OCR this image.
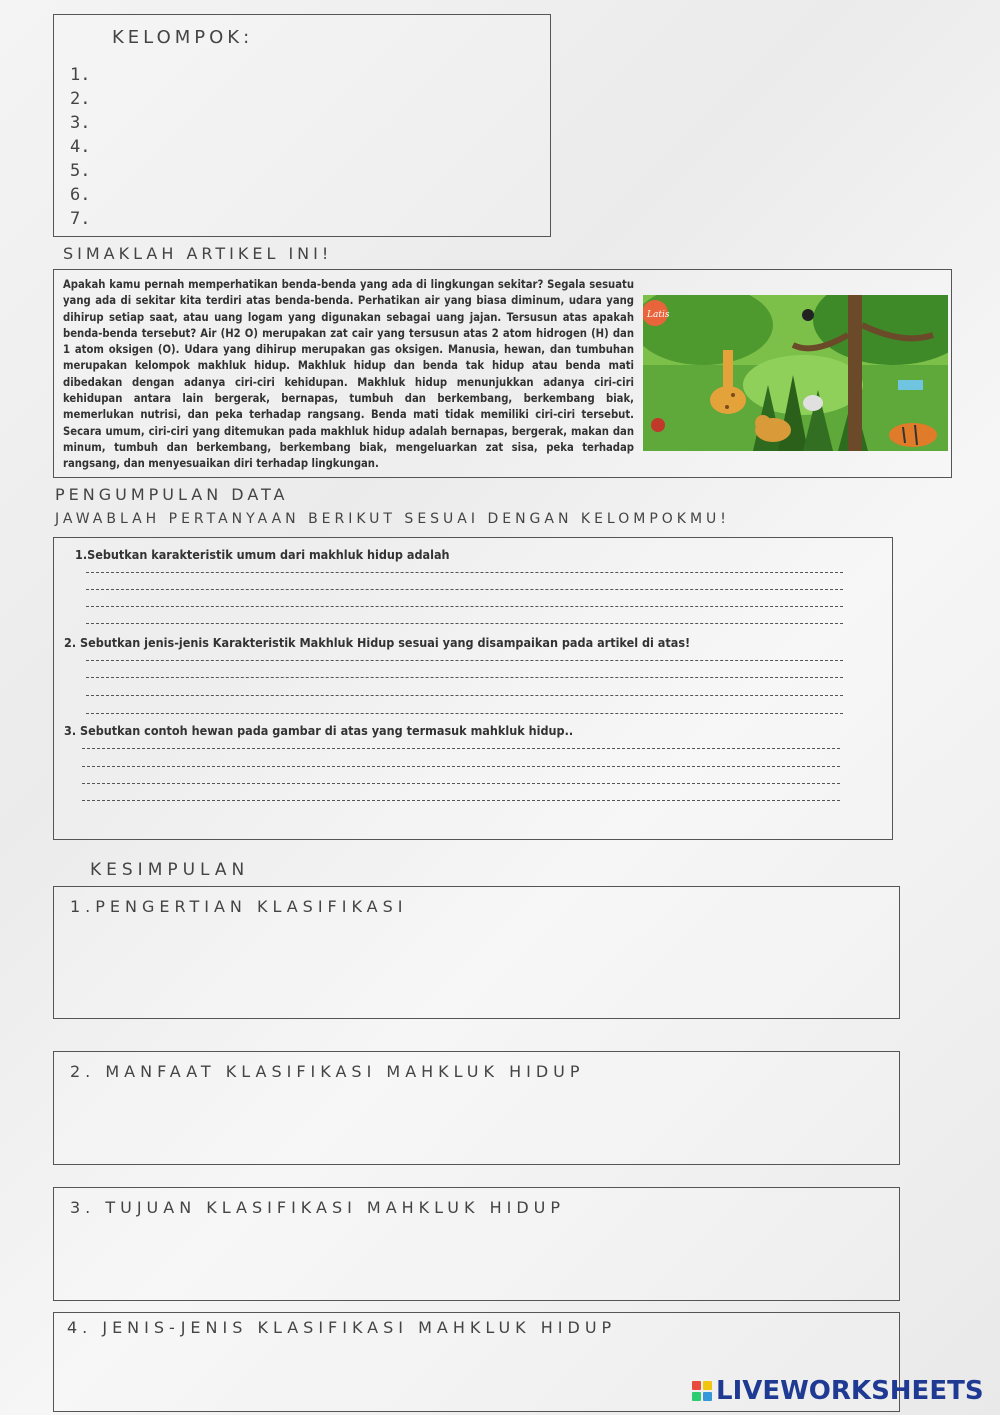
KELOMPOK:
1.
2.
3.
4.
5.
6.
7.
SIMAKLAH ARTIKEL INI!
Apakah kamu pernah memperhatikan benda-benda yang ada di lingkungan sekitar? Segala sesuatu yang ada di sekitar kita terdiri atas benda-benda. Perhatikan air yang biasa diminum, udara yang dihirup setiap saat, atau uang logam yang digunakan sebagai uang jajan. Tersusun atas apakah benda-benda tersebut? Air (H2 O) merupakan zat cair yang tersusun atas 2 atom hidrogen (H) dan 1 atom oksigen (O). Udara yang dihirup merupakan gas oksigen. Manusia, hewan, dan tumbuhan merupakan kelompok makhluk hidup. Makhluk hidup dan benda tak hidup atau benda mati dibedakan dengan adanya ciri-ciri kehidupan. Makhluk hidup menunjukkan adanya ciri-ciri kehidupan antara lain bergerak, bernapas, tumbuh dan berkembang, berkembang biak, memerlukan nutrisi, dan peka terhadap rangsang. Benda mati tidak memiliki ciri-ciri tersebut. Secara umum, ciri-ciri yang ditemukan pada makhluk hidup adalah bernapas, bergerak, makan dan minum, tumbuh dan berkembang, berkembang biak, mengeluarkan zat sisa, peka terhadap rangsang, dan menyesuaikan diri terhadap lingkungan.
Latis
PENGUMPULAN DATA
JAWABLAH PERTANYAAN BERIKUT SESUAI DENGAN KELOMPOKMU!
1.Sebutkan karakteristik umum dari makhluk hidup adalah
2. Sebutkan jenis-jenis Karakteristik Makhluk Hidup sesuai yang disampaikan pada artikel di atas!
3. Sebutkan contoh hewan pada gambar di atas yang termasuk mahkluk hidup..
KESIMPULAN
1.PENGERTIAN KLASIFIKASI
2. MANFAAT KLASIFIKASI MAHKLUK HIDUP
3. TUJUAN KLASIFIKASI MAHKLUK HIDUP
4. JENIS-JENIS KLASIFIKASI MAHKLUK HIDUP
LIVEWORKSHEETS
